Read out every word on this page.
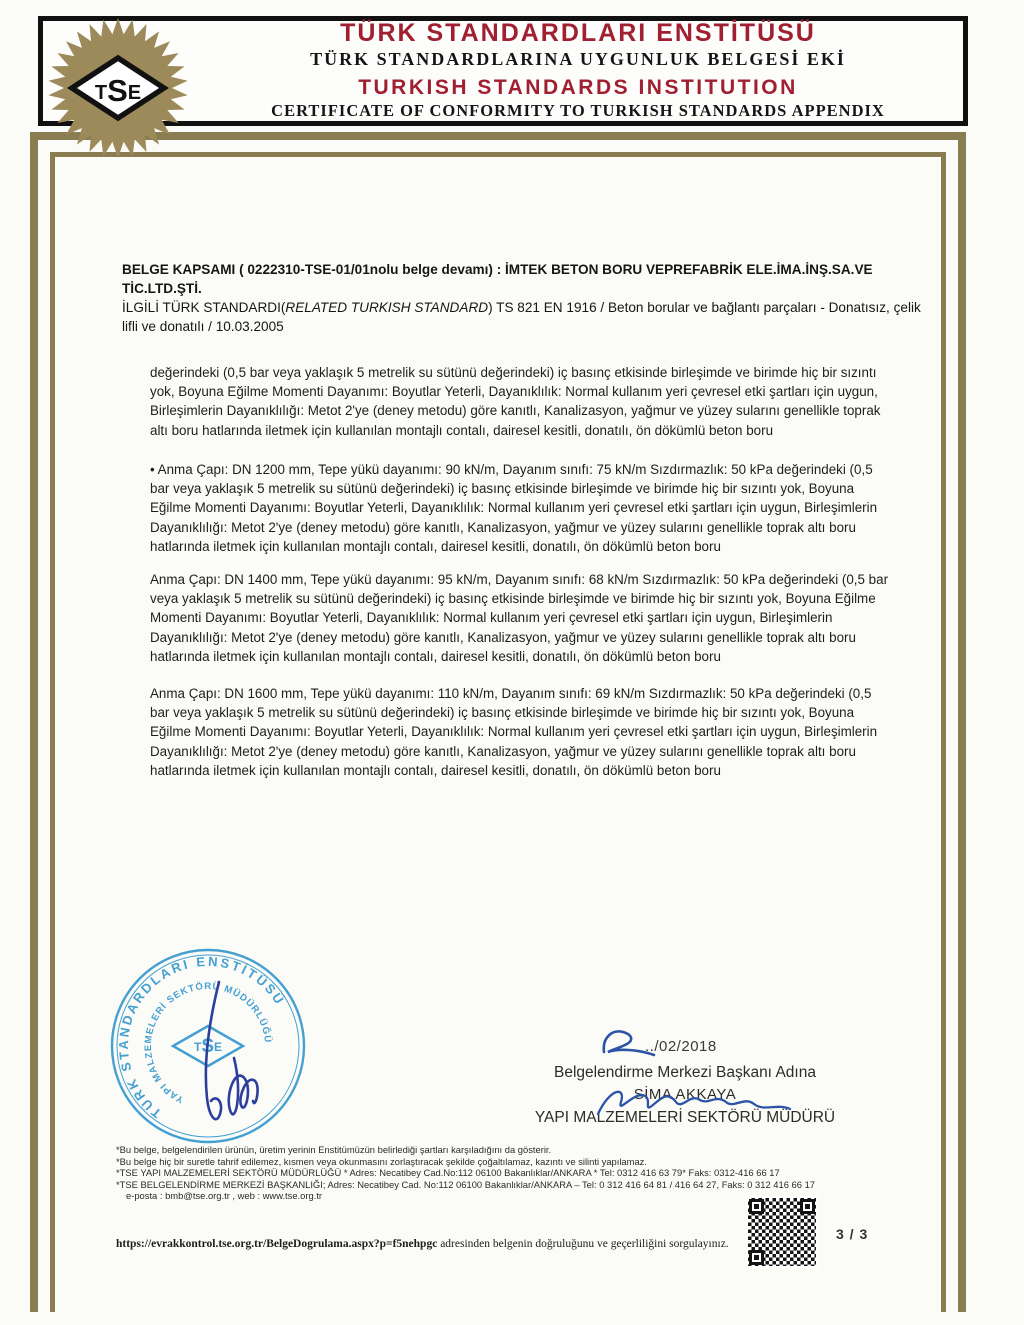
TÜRK STANDARDLARI ENSTİTÜSÜ
TÜRK STANDARDLARINA UYGUNLUK BELGESİ EKİ
TURKISH STANDARDS INSTITUTION
CERTIFICATE OF CONFORMITY TO TURKISH STANDARDS APPENDIX
TSE
BELGE KAPSAMI ( 0222310-TSE-01/01nolu belge devamı) : İMTEK BETON BORU VEPREFABRİK ELE.İMA.İNŞ.SA.VE TİC.LTD.ŞTİ.
İLGİLİ TÜRK STANDARDI(RELATED TURKISH STANDARD) TS 821 EN 1916 / Beton borular ve bağlantı parçaları - Donatısız, çelik lifli ve donatılı / 10.03.2005
değerindeki (0,5 bar veya yaklaşık 5 metrelik su sütünü değerindeki) iç basınç etkisinde birleşimde ve birimde hiç bir sızıntı yok, Boyuna Eğilme Momenti Dayanımı: Boyutlar Yeterli, Dayanıklılık: Normal kullanım yeri çevresel etki şartları için uygun, Birleşimlerin Dayanıklılığı: Metot 2'ye (deney metodu) göre kanıtlı, Kanalizasyon, yağmur ve yüzey sularını genellikle toprak altı boru hatlarında iletmek için kullanılan montajlı contalı, dairesel kesitli, donatılı, ön dökümlü beton boru
• Anma Çapı: DN 1200 mm, Tepe yükü dayanımı: 90 kN/m, Dayanım sınıfı: 75 kN/m Sızdırmazlık: 50 kPa değerindeki (0,5 bar veya yaklaşık 5 metrelik su sütünü değerindeki) iç basınç etkisinde birleşimde ve birimde hiç bir sızıntı yok, Boyuna Eğilme Momenti Dayanımı: Boyutlar Yeterli, Dayanıklılık: Normal kullanım yeri çevresel etki şartları için uygun, Birleşimlerin Dayanıklılığı: Metot 2'ye (deney metodu) göre kanıtlı, Kanalizasyon, yağmur ve yüzey sularını genellikle toprak altı boru hatlarında iletmek için kullanılan montajlı contalı, dairesel kesitli, donatılı, ön dökümlü beton boru
Anma Çapı: DN 1400 mm, Tepe yükü dayanımı: 95 kN/m, Dayanım sınıfı: 68 kN/m Sızdırmazlık: 50 kPa değerindeki (0,5 bar veya yaklaşık 5 metrelik su sütünü değerindeki) iç basınç etkisinde birleşimde ve birimde hiç bir sızıntı yok, Boyuna Eğilme Momenti Dayanımı: Boyutlar Yeterli, Dayanıklılık: Normal kullanım yeri çevresel etki şartları için uygun, Birleşimlerin Dayanıklılığı: Metot 2'ye (deney metodu) göre kanıtlı, Kanalizasyon, yağmur ve yüzey sularını genellikle toprak altı boru hatlarında iletmek için kullanılan montajlı contalı, dairesel kesitli, donatılı, ön dökümlü beton boru
Anma Çapı: DN 1600 mm, Tepe yükü dayanımı: 110 kN/m, Dayanım sınıfı: 69 kN/m Sızdırmazlık: 50 kPa değerindeki (0,5 bar veya yaklaşık 5 metrelik su sütünü değerindeki) iç basınç etkisinde birleşimde ve birimde hiç bir sızıntı yok, Boyuna Eğilme Momenti Dayanımı: Boyutlar Yeterli, Dayanıklılık: Normal kullanım yeri çevresel etki şartları için uygun, Birleşimlerin Dayanıklılığı: Metot 2'ye (deney metodu) göre kanıtlı, Kanalizasyon, yağmur ve yüzey sularını genellikle toprak altı boru hatlarında iletmek için kullanılan montajlı contalı, dairesel kesitli, donatılı, ön dökümlü beton boru
TÜRK STANDARDLARI ENSTİTÜSÜ
YAPI MALZEMELERİ SEKTÖRÜ MÜDÜRLÜĞÜ
TSE	../02/2018
Belgelendirme Merkezi Başkanı Adına
SİMA AKKAYA
YAPI MALZEMELERİ SEKTÖRÜ MÜDÜRÜ
*Bu belge, belgelendirilen ürünün, üretim yerinin Enstitümüzün belirlediği şartları karşıladığını da gösterir.
*Bu belge hiç bir suretle tahrif edilemez, kısmen veya okunmasını zorlaştıracak şekilde çoğaltılamaz, kazıntı ve silinti yapılamaz.
*TSE YAPI MALZEMELERİ SEKTÖRÜ MÜDÜRLÜĞÜ * Adres: Necatibey Cad.No:112 06100 Bakanlıklar/ANKARA * Tel: 0312 416 63 79* Faks: 0312-416 66 17
*TSE BELGELENDİRME MERKEZİ BAŞKANLIĞI; Adres: Necatibey Cad. No:112 06100 Bakanlıklar/ANKARA – Tel: 0 312 416 64 81 / 416 64 27, Faks: 0 312 416 66 17
e-posta : bmb@tse.org.tr , web : www.tse.org.tr
https://evrakkontrol.tse.org.tr/BelgeDogrulama.aspx?p=f5nehpgc adresinden belgenin doğruluğunu ve geçerliliğini sorgulayınız.
3 / 3
